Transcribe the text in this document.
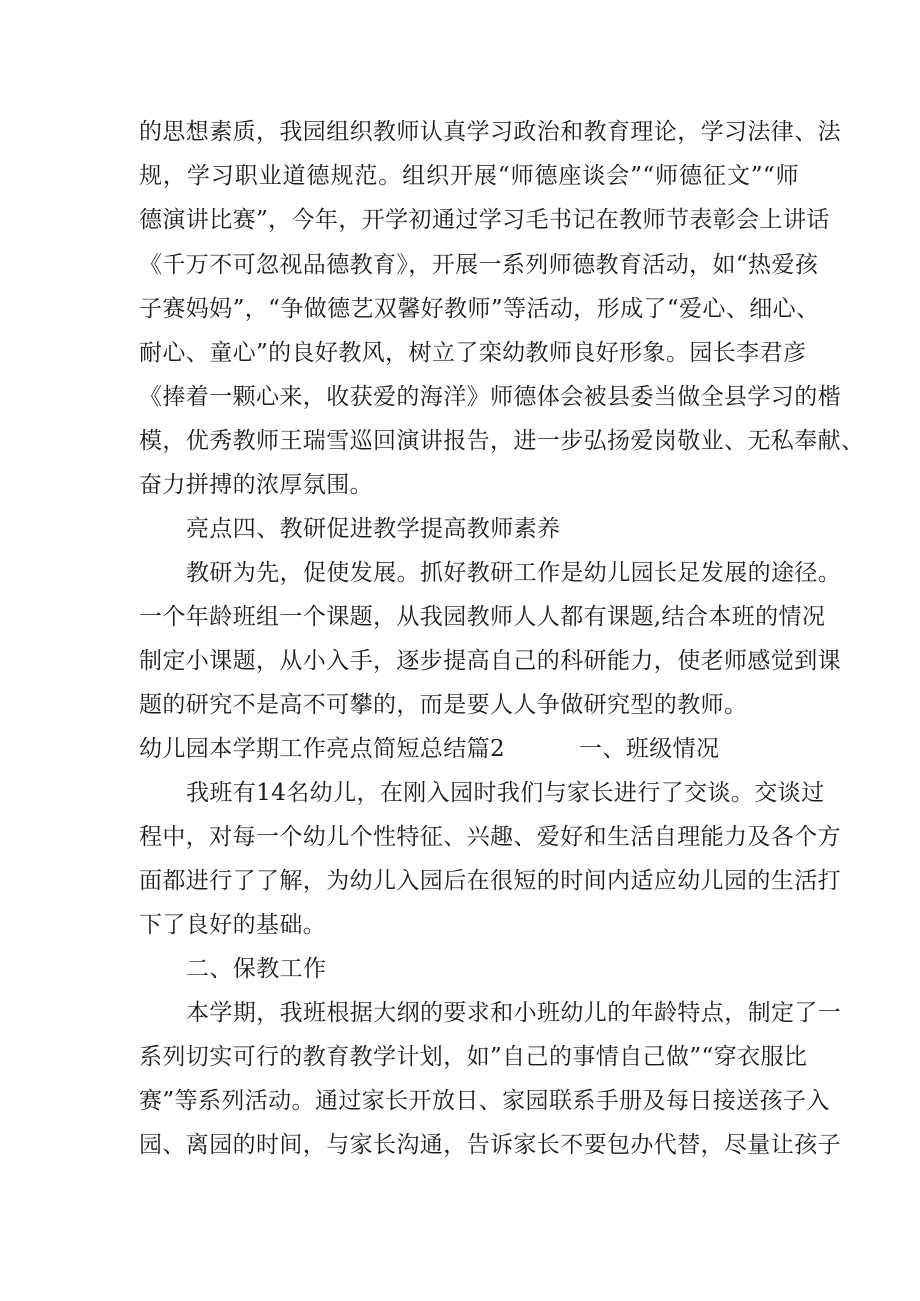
的思想素质，我园组织教师认真学习政治和教育理论，学习法律、法
规，学习职业道德规范。组织开展“师德座谈会”“师德征文”“师
德演讲比赛”，今年，开学初通过学习毛书记在教师节表彰会上讲话
《千万不可忽视品德教育》，开展一系列师德教育活动，如“热爱孩
子赛妈妈”，“争做德艺双馨好教师”等活动，形成了“爱心、细心、
耐心、童心”的良好教风，树立了栾幼教师良好形象。园长李君彦
《捧着一颗心来，收获爱的海洋》师德体会被县委当做全县学习的楷
模，优秀教师王瑞雪巡回演讲报告，进一步弘扬爱岗敬业、无私奉献、
奋力拼搏的浓厚氛围。
亮点四、教研促进教学提高教师素养
教研为先，促使发展。抓好教研工作是幼儿园长足发展的途径。
一个年龄班组一个课题，从我园教师人人都有课题,结合本班的情况
制定小课题，从小入手，逐步提高自己的科研能力，使老师感觉到课
题的研究不是高不可攀的，而是要人人争做研究型的教师。
幼儿园本学期工作亮点简短总结篇2	一、班级情况
我班有14名幼儿，在刚入园时我们与家长进行了交谈。交谈过
程中，对每一个幼儿个性特征、兴趣、爱好和生活自理能力及各个方
面都进行了了解，为幼儿入园后在很短的时间内适应幼儿园的生活打
下了良好的基础。
二、保教工作
本学期，我班根据大纲的要求和小班幼儿的年龄特点，制定了一
系列切实可行的教育教学计划，如”自己的事情自己做”“穿衣服比
赛”等系列活动。通过家长开放日、家园联系手册及每日接送孩子入
园、离园的时间，与家长沟通，告诉家长不要包办代替，尽量让孩子
